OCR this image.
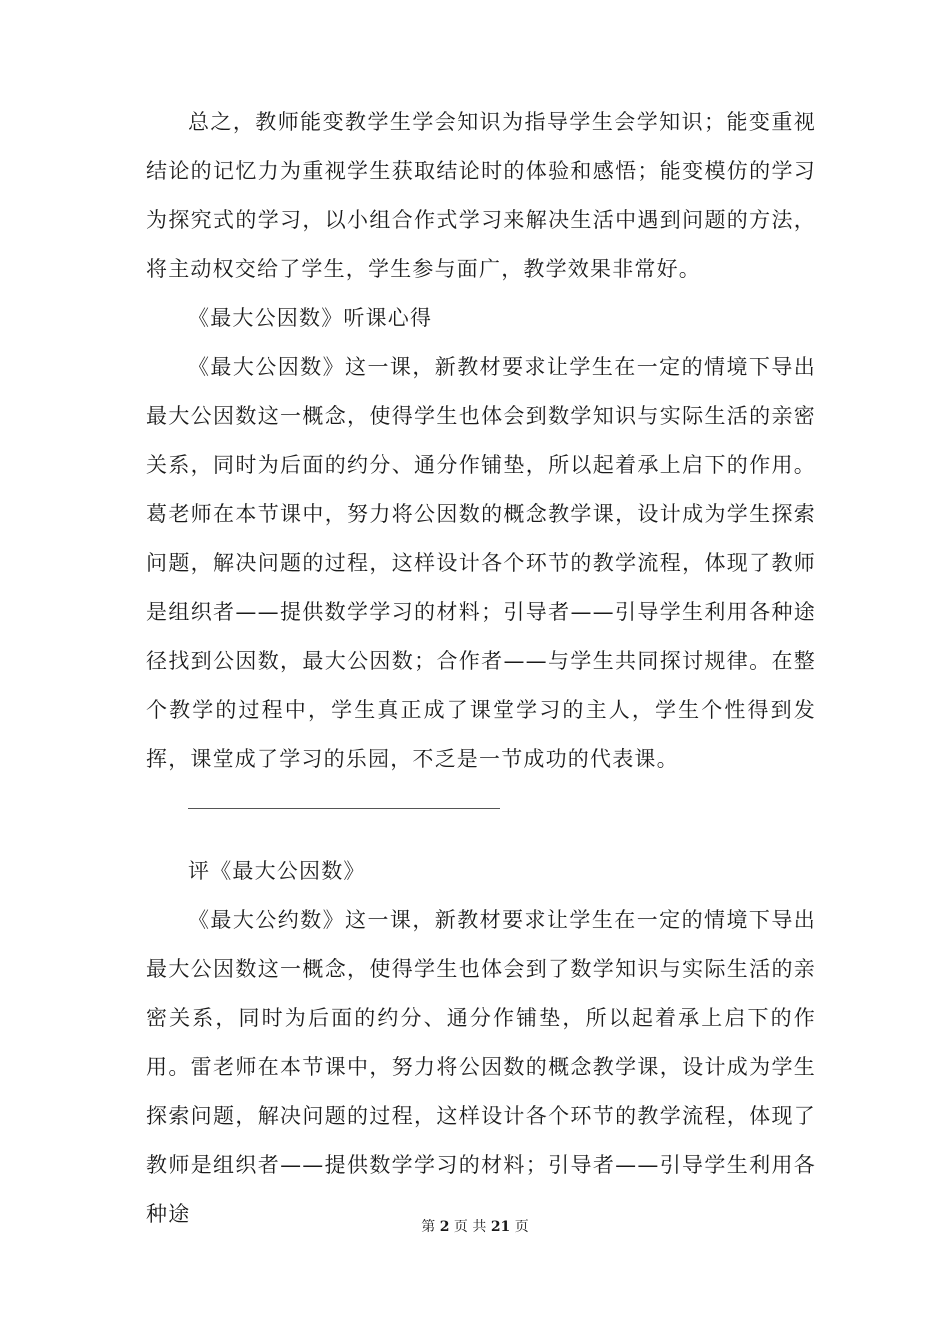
总之，教师能变教学生学会知识为指导学生会学知识；能变重视结论的记忆力为重视学生获取结论时的体验和感悟；能变模仿的学习为探究式的学习，以小组合作式学习来解决生活中遇到问题的方法，将主动权交给了学生，学生参与面广，教学效果非常好。

《最大公因数》听课心得

《最大公因数》这一课，新教材要求让学生在一定的情境下导出最大公因数这一概念，使得学生也体会到数学知识与实际生活的亲密关系，同时为后面的约分、通分作铺垫，所以起着承上启下的作用。葛老师在本节课中，努力将公因数的概念教学课，设计成为学生探索问题，解决问题的过程，这样设计各个环节的教学流程，体现了教师是组织者——提供数学学习的材料；引导者——引导学生利用各种途径找到公因数，最大公因数；合作者——与学生共同探讨规律。在整个教学的过程中，学生真正成了课堂学习的主人，学生个性得到发挥，课堂成了学习的乐园，不乏是一节成功的代表课。

评《最大公因数》

《最大公约数》这一课，新教材要求让学生在一定的情境下导出最大公因数这一概念，使得学生也体会到了数学知识与实际生活的亲密关系，同时为后面的约分、通分作铺垫，所以起着承上启下的作用。雷老师在本节课中，努力将公因数的概念教学课，设计成为学生探索问题，解决问题的过程，这样设计各个环节的教学流程，体现了教师是组织者——提供数学学习的材料；引导者——引导学生利用各种途

第 2 页 共 21 页
